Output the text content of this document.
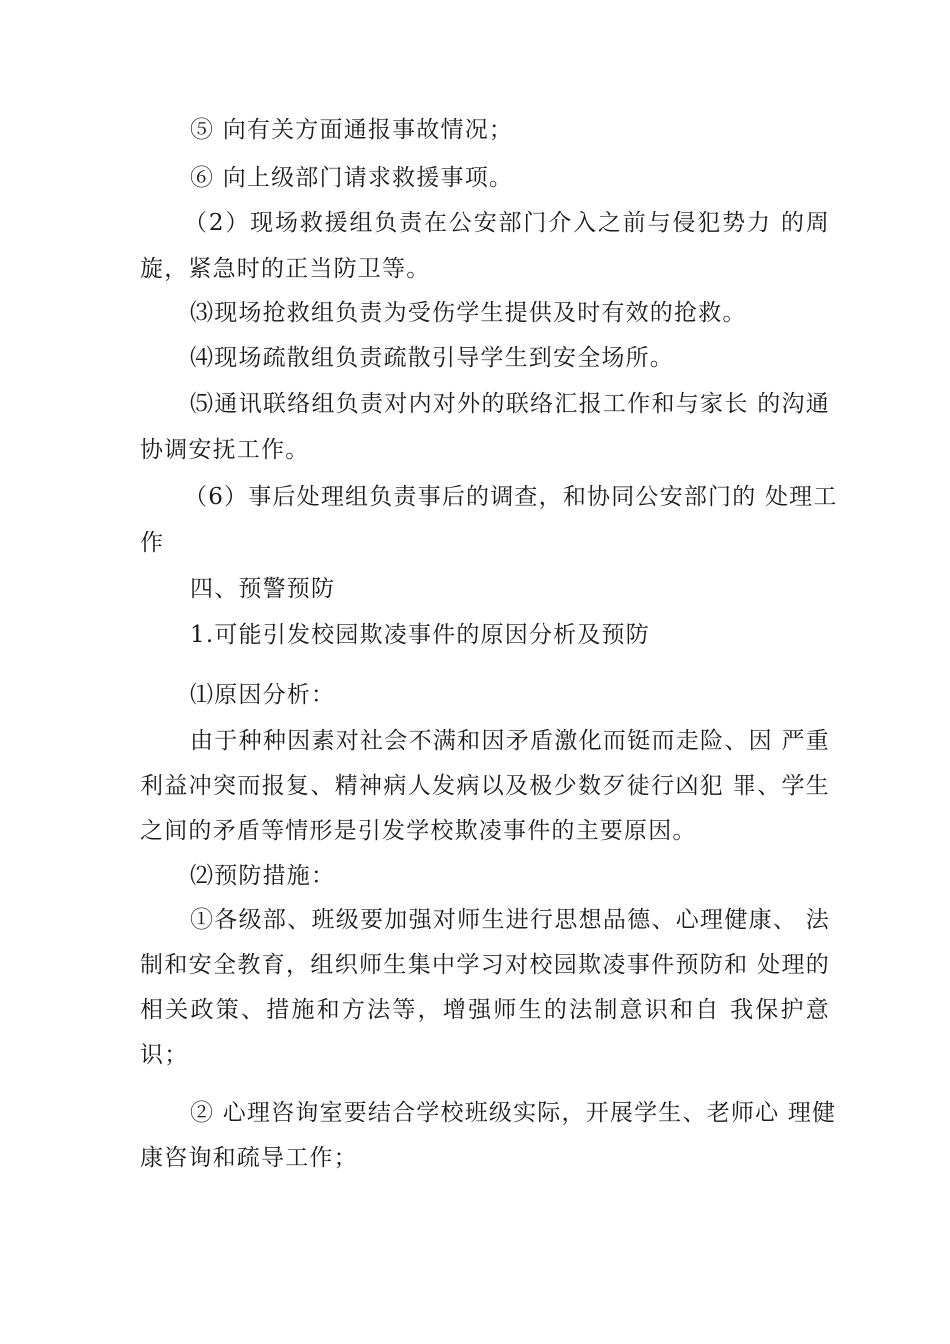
⑤ 向有关方面通报事故情况；
⑥ 向上级部门请求救援事项。
（2）现场救援组负责在公安部门介入之前与侵犯势力 的周
旋，紧急时的正当防卫等。
⑶现场抢救组负责为受伤学生提供及时有效的抢救。
⑷现场疏散组负责疏散引导学生到安全场所。
⑸通讯联络组负责对内对外的联络汇报工作和与家长 的沟通
协调安抚工作。
（6）事后处理组负责事后的调查，和协同公安部门的 处理工
作
四、预警预防
1.可能引发校园欺凌事件的原因分析及预防
⑴原因分析：
由于种种因素对社会不满和因矛盾激化而铤而走险、因 严重
利益冲突而报复、精神病人发病以及极少数歹徒行凶犯 罪、学生
之间的矛盾等情形是引发学校欺凌事件的主要原因。
⑵预防措施：
①各级部、班级要加强对师生进行思想品德、心理健康、 法
制和安全教育，组织师生集中学习对校园欺凌事件预防和 处理的
相关政策、措施和方法等，增强师生的法制意识和自 我保护意
识；
② 心理咨询室要结合学校班级实际，开展学生、老师心 理健
康咨询和疏导工作；
